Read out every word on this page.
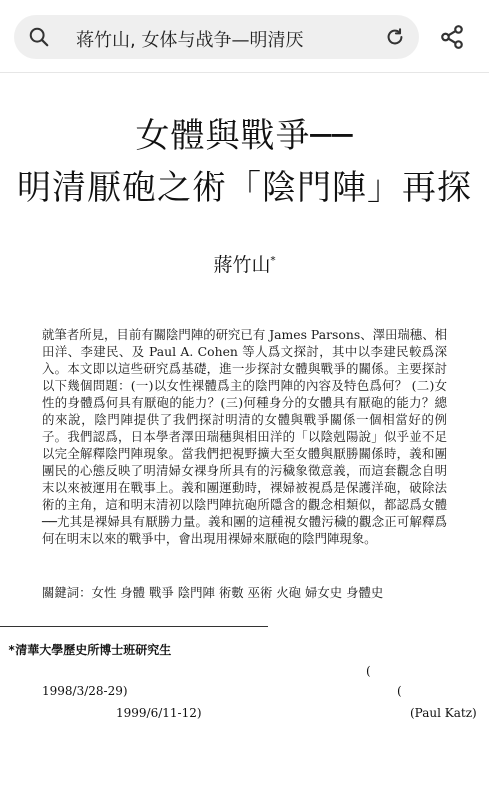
蒋竹山, 女体与战争—明清厌
女體與戰爭──
明清厭砲之術「陰門陣」再探
蔣竹山*
就筆者所見，目前有關陰門陣的研究已有 James Parsons、澤田瑞穗、相田洋、李建民、及 Paul A. Cohen 等人爲文探討，其中以李建民較爲深入。本文即以這些研究爲基礎，進一步探討女體與戰爭的關係。主要探討以下幾個問題：(一)以女性裸體爲主的陰門陣的內容及特色爲何？ (二)女性的身體爲何具有厭砲的能力？(三)何種身分的女體具有厭砲的能力？總的來說，陰門陣提供了我們探討明清的女體與戰爭關係一個相當好的例子。我們認爲，日本學者澤田瑞穗與相田洋的「以陰剋陽說」似乎並不足以完全解釋陰門陣現象。當我們把視野擴大至女體與厭勝關係時，義和團團民的心態反映了明清婦女裸身所具有的污穢象徵意義，而這套觀念自明末以來被運用在戰事上。義和團運動時，裸婦被視爲是保護洋砲，破除法術的主角，這和明末清初以陰門陣抗砲所隱含的觀念相類似，都認爲女體──尤其是裸婦具有厭勝力量。義和團的這種視女體污穢的觀念正可解釋爲何在明末以來的戰爭中，會出現用裸婦來厭砲的陰門陣現象。
關鍵詞：女性 身體 戰爭 陰門陣 術數 巫術 火砲 婦女史 身體史
*清華大學歷史所博士班研究生
(
1998/3/28-29)	(
1999/6/11-12)	(Paul Katz)
